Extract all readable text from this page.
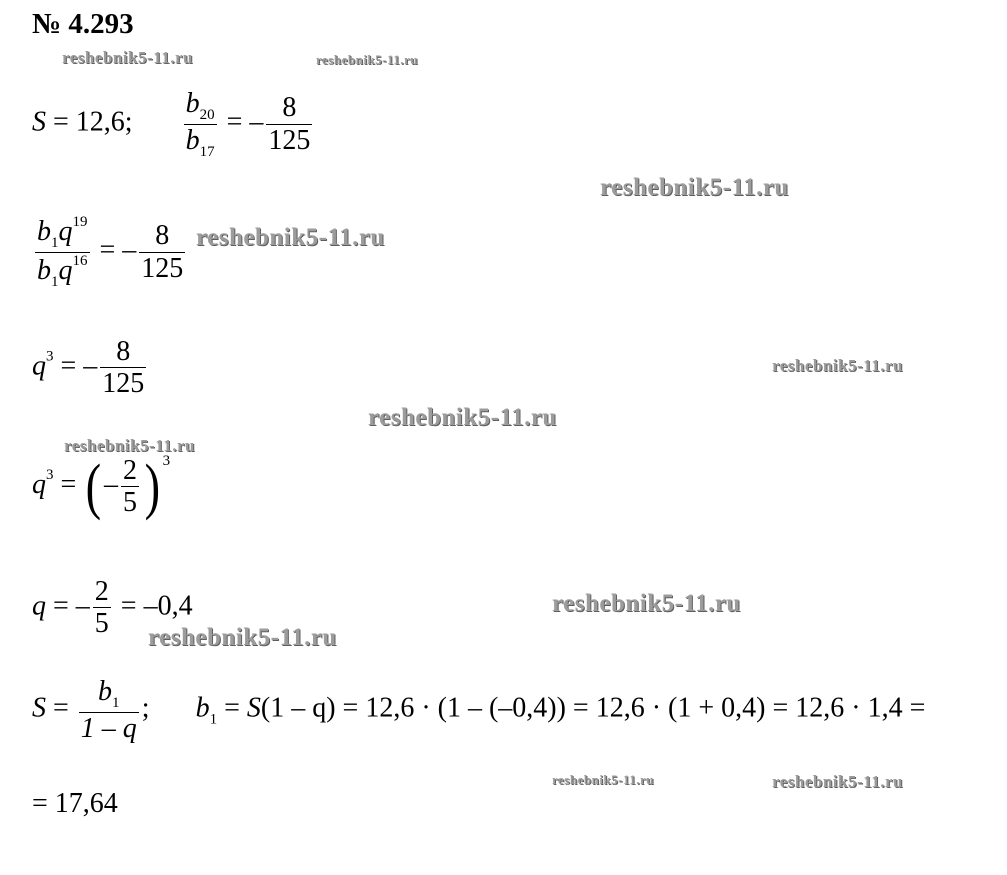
№ 4.293
reshebnik5-11.ru	reshebnik5-11.ru
reshebnik5-11.ru
reshebnik5-11.ru
reshebnik5-11.ru
reshebnik5-11.ru
reshebnik5-11.ru
reshebnik5-11.ru
reshebnik5-11.ru
reshebnik5-11.ru	reshebnik5-11.ru
S = 12,6; $\frac{b_{20}}{b_{17}}$ = – $\frac{8}{125}$
$\frac{b_1q^{19}}{b_1q^{16}}$ = – $\frac{8}{125}$
$q^3$ = – $\frac{8}{125}$
$q^3$ = (– $\frac{2}{5}$ ) $^3$
q = – $\frac{2}{5} = -0,4$
$S = \frac{b_1}{1 - q}$ ; $b_1 = S(1 - q) = 12,6 \cdot (1 - (-0,4)) = 12,6 \cdot (1 + 0,4) = 12,6 \cdot 1,4$ =
= 17,64
